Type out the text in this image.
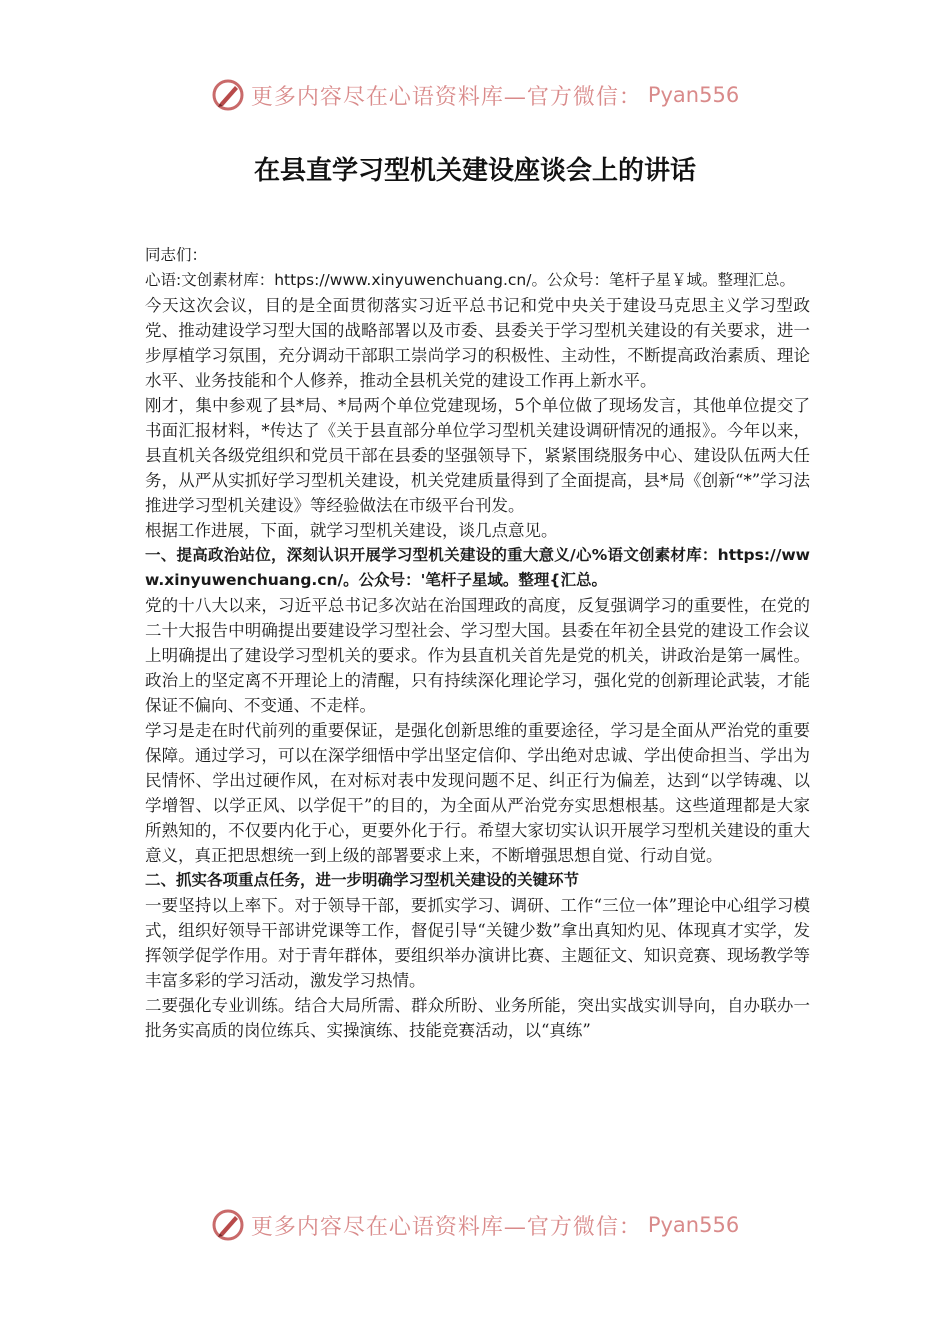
更多内容尽在心语资料库—官方微信： Pyan556
在县直学习型机关建设座谈会上的讲话

同志们：

心语:文创素材库：https://www.xinyuwenchuang.cn/。公众号：笔杆子星￥域。整理汇总。

今天这次会议，目的是全面贯彻落实习近平总书记和党中央关于建设马克思主义学习型政党、推动建设学习型大国的战略部署以及市委、县委关于学习型机关建设的有关要求，进一步厚植学习氛围，充分调动干部职工崇尚学习的积极性、主动性，不断提高政治素质、理论水平、业务技能和个人修养，推动全县机关党的建设工作再上新水平。

刚才，集中参观了县*局、*局两个单位党建现场，5个单位做了现场发言，其他单位提交了书面汇报材料，*传达了《关于县直部分单位学习型机关建设调研情况的通报》。今年以来，县直机关各级党组织和党员干部在县委的坚强领导下，紧紧围绕服务中心、建设队伍两大任务，从严从实抓好学习型机关建设，机关党建质量得到了全面提高，县*局《创新“*”学习法推进学习型机关建设》等经验做法在市级平台刊发。

根据工作进展，下面，就学习型机关建设，谈几点意见。

一、提高政治站位，深刻认识开展学习型机关建设的重大意义/心%语文创素材库：https://www.xinyuwenchuang.cn/。公众号：'笔杆子星域。整理{汇总。

党的十八大以来，习近平总书记多次站在治国理政的高度，反复强调学习的重要性，在党的二十大报告中明确提出要建设学习型社会、学习型大国。县委在年初全县党的建设工作会议上明确提出了建设学习型机关的要求。作为县直机关首先是党的机关，讲政治是第一属性。政治上的坚定离不开理论上的清醒，只有持续深化理论学习，强化党的创新理论武装，才能保证不偏向、不变通、不走样。

学习是走在时代前列的重要保证，是强化创新思维的重要途径，学习是全面从严治党的重要保障。通过学习，可以在深学细悟中学出坚定信仰、学出绝对忠诚、学出使命担当、学出为民情怀、学出过硬作风，在对标对表中发现问题不足、纠正行为偏差，达到“以学铸魂、以学增智、以学正风、以学促干”的目的，为全面从严治党夯实思想根基。这些道理都是大家所熟知的，不仅要内化于心，更要外化于行。希望大家切实认识开展学习型机关建设的重大意义，真正把思想统一到上级的部署要求上来，不断增强思想自觉、行动自觉。

二、抓实各项重点任务，进一步明确学习型机关建设的关键环节

一要坚持以上率下。对于领导干部，要抓实学习、调研、工作“三位一体”理论中心组学习模式，组织好领导干部讲党课等工作，督促引导“关键少数”拿出真知灼见、体现真才实学，发挥领学促学作用。对于青年群体，要组织举办演讲比赛、主题征文、知识竞赛、现场教学等丰富多彩的学习活动，激发学习热情。

二要强化专业训练。结合大局所需、群众所盼、业务所能，突出实战实训导向，自办联办一批务实高质的岗位练兵、实操演练、技能竞赛活动，以“真练”

更多内容尽在心语资料库—官方微信： Pyan556
